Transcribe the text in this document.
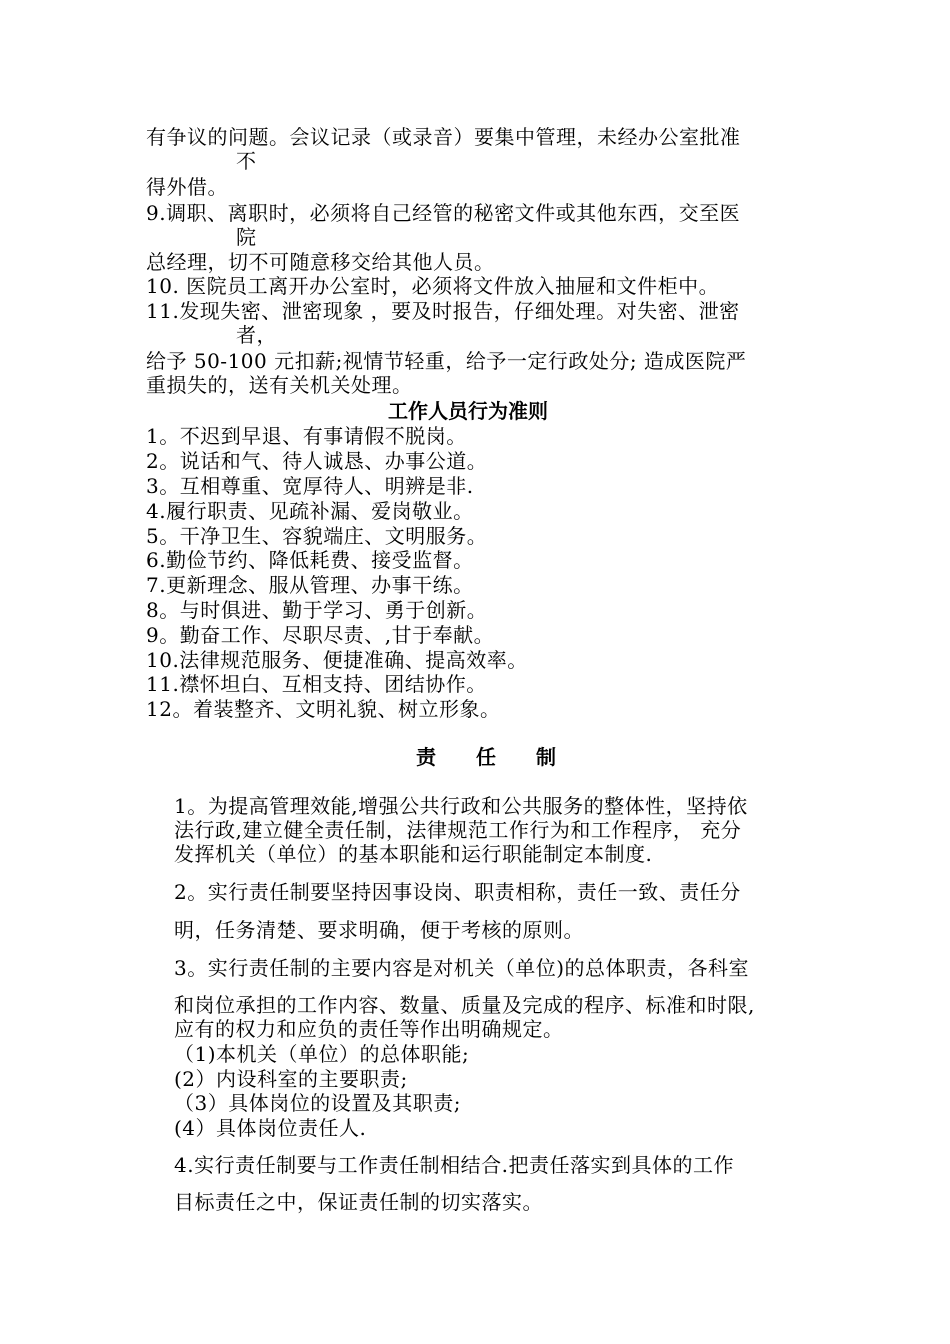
有争议的问题。会议记录（或录音）要集中管理，未经办公室批准
不
得外借。
9.调职、离职时，必须将自己经管的秘密文件或其他东西，交至医
院
总经理，切不可随意移交给其他人员。
10. 医院员工离开办公室时，必须将文件放入抽屉和文件柜中。
11.发现失密、泄密现象 ，要及时报告，仔细处理。对失密、泄密
者，
给予 50-100 元扣薪;视情节轻重，给予一定行政处分; 造成医院严
重损失的，送有关机关处理。
工作人员行为准则
1。不迟到早退、有事请假不脱岗。
2。说话和气、待人诚恳、办事公道。
3。互相尊重、宽厚待人、明辨是非.
4.履行职责、见疏补漏、爱岗敬业。
5。干净卫生、容貌端庄、文明服务。
6.勤俭节约、降低耗费、接受监督。
7.更新理念、服从管理、办事干练。
8。与时俱进、勤于学习、勇于创新。
9。勤奋工作、尽职尽责、,甘于奉献。
10.法律规范服务、便捷准确、提高效率。
11.襟怀坦白、互相支持、团结协作。
12。着装整齐、文明礼貌、树立形象。
责　　任　　制
1。为提高管理效能,增强公共行政和公共服务的整体性，坚持依
法行政,建立健全责任制，法律规范工作行为和工作程序， 充分
发挥机关（单位）的基本职能和运行职能制定本制度.
2。实行责任制要坚持因事设岗、职责相称，责任一致、责任分
明，任务清楚、要求明确，便于考核的原则。
3。实行责任制的主要内容是对机关（单位)的总体职责，各科室
和岗位承担的工作内容、数量、质量及完成的程序、标准和时限,
应有的权力和应负的责任等作出明确规定。
（1)本机关（单位）的总体职能;
(2）内设科室的主要职责;
（3）具体岗位的设置及其职责;
(4）具体岗位责任人.
4.实行责任制要与工作责任制相结合.把责任落实到具体的工作
目标责任之中，保证责任制的切实落实。
